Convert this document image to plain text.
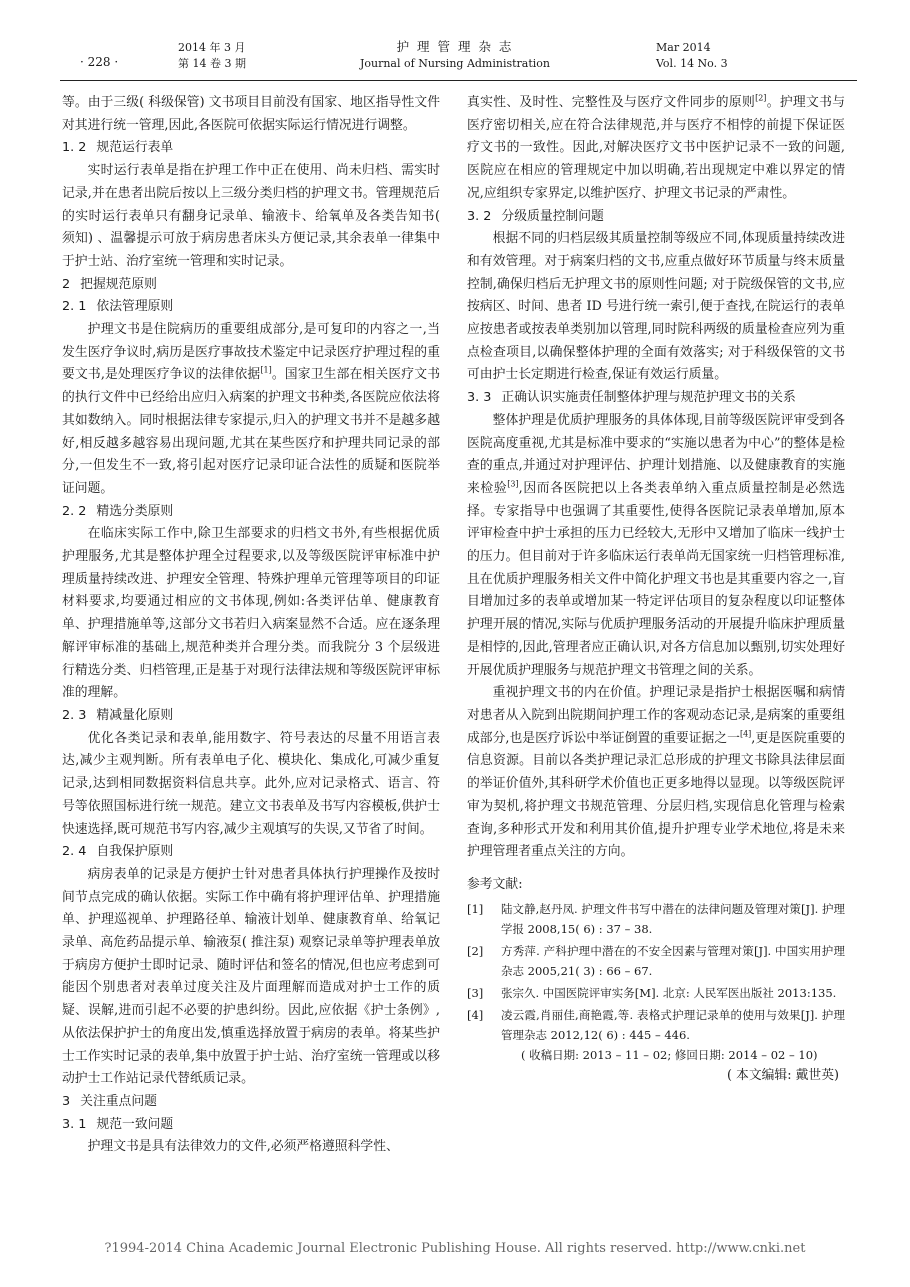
· 228 ·
2014 年 3 月
第 14 卷 3 期
护 理 管 理 杂 志
Journal of Nursing Administration
Mar 2014
Vol. 14 No. 3

等。由于三级( 科级保管) 文书项目目前没有国家、地区指导性文件对其进行统一管理,因此,各医院可依据实际运行情况进行调整。

1. 2 规范运行表单

实时运行表单是指在护理工作中正在使用、尚未归档、需实时记录,并在患者出院后按以上三级分类归档的护理文书。管理规范后的实时运行表单只有翻身记录单、输液卡、给氧单及各类告知书( 须知) 、温馨提示可放于病房患者床头方便记录,其余表单一律集中于护士站、治疗室统一管理和实时记录。

2 把握规范原则
2. 1 依法管理原则

护理文书是住院病历的重要组成部分,是可复印的内容之一,当发生医疗争议时,病历是医疗事故技术鉴定中记录医疗护理过程的重要文书,是处理医疗争议的法律依据[1]。国家卫生部在相关医疗文书的执行文件中已经给出应归入病案的护理文书种类,各医院应依法将其如数纳入。同时根据法律专家提示,归入的护理文书并不是越多越好,相反越多越容易出现问题,尤其在某些医疗和护理共同记录的部分,一但发生不一致,将引起对医疗记录印证合法性的质疑和医院举证问题。

2. 2 精选分类原则

在临床实际工作中,除卫生部要求的归档文书外,有些根据优质护理服务,尤其是整体护理全过程要求,以及等级医院评审标准中护理质量持续改进、护理安全管理、特殊护理单元管理等项目的印证材料要求,均要通过相应的文书体现,例如:各类评估单、健康教育单、护理措施单等,这部分文书若归入病案显然不合适。应在逐条理解评审标准的基础上,规范种类并合理分类。而我院分 3 个层级进行精选分类、归档管理,正是基于对现行法律法规和等级医院评审标准的理解。

2. 3 精减量化原则

优化各类记录和表单,能用数字、符号表达的尽量不用语言表达,减少主观判断。所有表单电子化、模块化、集成化,可减少重复记录,达到相同数据资料信息共享。此外,应对记录格式、语言、符号等依照国标进行统一规范。建立文书表单及书写内容模板,供护士快速选择,既可规范书写内容,减少主观填写的失误,又节省了时间。

2. 4 自我保护原则

病房表单的记录是方便护士针对患者具体执行护理操作及按时间节点完成的确认依据。实际工作中确有将护理评估单、护理措施单、护理巡视单、护理路径单、输液计划单、健康教育单、给氧记录单、高危药品提示单、输液泵( 推注泵) 观察记录单等护理表单放于病房方便护士即时记录、随时评估和签名的情况,但也应考虑到可能因个别患者对表单过度关注及片面理解而造成对护士工作的质疑、误解,进而引起不必要的护患纠纷。因此,应依据《护士条例》,从依法保护护士的角度出发,慎重选择放置于病房的表单。将某些护士工作实时记录的表单,集中放置于护士站、治疗室统一管理或以移动护士工作站记录代替纸质记录。

3 关注重点问题
3. 1 规范一致问题

护理文书是具有法律效力的文件,必须严格遵照科学性、

真实性、及时性、完整性及与医疗文件同步的原则[2]。护理文书与医疗密切相关,应在符合法律规范,并与医疗不相悖的前提下保证医疗文书的一致性。因此,对解决医疗文书中医护记录不一致的问题,医院应在相应的管理规定中加以明确,若出现规定中难以界定的情况,应组织专家界定,以维护医疗、护理文书记录的严肃性。

3. 2 分级质量控制问题

根据不同的归档层级其质量控制等级应不同,体现质量持续改进和有效管理。对于病案归档的文书,应重点做好环节质量与终末质量控制,确保归档后无护理文书的原则性问题; 对于院级保管的文书,应按病区、时间、患者 ID 号进行统一索引,便于查找,在院运行的表单应按患者或按表单类别加以管理,同时院科两级的质量检查应列为重点检查项目,以确保整体护理的全面有效落实; 对于科级保管的文书可由护士长定期进行检查,保证有效运行质量。

3. 3 正确认识实施责任制整体护理与规范护理文书的关系

整体护理是优质护理服务的具体体现,目前等级医院评审受到各医院高度重视,尤其是标准中要求的“实施以患者为中心”的整体是检查的重点,并通过对护理评估、护理计划措施、以及健康教育的实施来检验[3],因而各医院把以上各类表单纳入重点质量控制是必然选择。专家指导中也强调了其重要性,使得各医院记录表单增加,原本评审检查中护士承担的压力已经较大,无形中又增加了临床一线护士的压力。但目前对于许多临床运行表单尚无国家统一归档管理标准,且在优质护理服务相关文件中简化护理文书也是其重要内容之一,盲目增加过多的表单或增加某一特定评估项目的复杂程度以印证整体护理开展的情况,实际与优质护理服务活动的开展提升临床护理质量是相悖的,因此,管理者应正确认识,对各方信息加以甄别,切实处理好开展优质护理服务与规范护理文书管理之间的关系。

重视护理文书的内在价值。护理记录是指护士根据医嘱和病情对患者从入院到出院期间护理工作的客观动态记录,是病案的重要组成部分,也是医疗诉讼中举证倒置的重要证据之一[4],更是医院重要的信息资源。目前以各类护理记录汇总形成的护理文书除具法律层面的举证价值外,其科研学术价值也正更多地得以显现。以等级医院评审为契机,将护理文书规范管理、分层归档,实现信息化管理与检索查询,多种形式开发和利用其价值,提升护理专业学术地位,将是未来护理管理者重点关注的方向。

参考文献:
[1]	陆文静,赵丹凤. 护理文件书写中潜在的法律问题及管理对策[J]. 护理学报 2008,15( 6) : 37 – 38.
[2]	方秀萍. 产科护理中潜在的不安全因素与管理对策[J]. 中国实用护理杂志 2005,21( 3) : 66 – 67.
[3]	张宗久. 中国医院评审实务[M]. 北京: 人民军医出版社 2013:135.
[4]	凌云霞,肖丽佳,商艳霞,等. 表格式护理记录单的使用与效果[J]. 护理管理杂志 2012,12( 6) : 445 – 446.
( 收稿日期: 2013 – 11 – 02; 修回日期: 2014 – 02 – 10)
( 本文编辑: 戴世英)
?1994-2014 China Academic Journal Electronic Publishing House. All rights reserved. http://www.cnki.net
